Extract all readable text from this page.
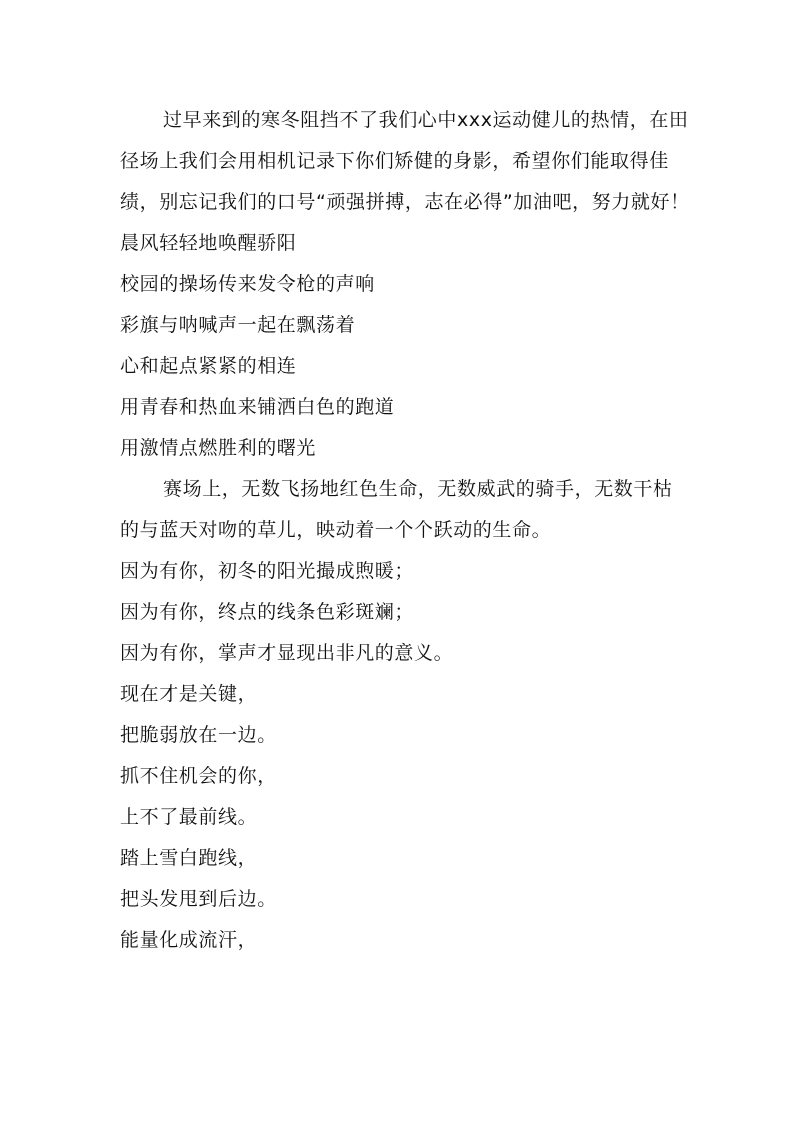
过早来到的寒冬阻挡不了我们心中xxx运动健儿的热情，在田径场上我们会用相机记录下你们矫健的身影，希望你们能取得佳绩，别忘记我们的口号“顽强拼搏，志在必得”加油吧，努力就好！

晨风轻轻地唤醒骄阳

校园的操场传来发令枪的声响

彩旗与呐喊声一起在飘荡着

心和起点紧紧的相连

用青春和热血来铺洒白色的跑道

用激情点燃胜利的曙光

赛场上，无数飞扬地红色生命，无数威武的骑手，无数干枯的与蓝天对吻的草儿，映动着一个个跃动的生命。

因为有你，初冬的阳光撮成煦暖；

因为有你，终点的线条色彩斑斓；

因为有你，掌声才显现出非凡的意义。

现在才是关键，

把脆弱放在一边。

抓不住机会的你，

上不了最前线。

踏上雪白跑线，

把头发甩到后边。

能量化成流汗，
